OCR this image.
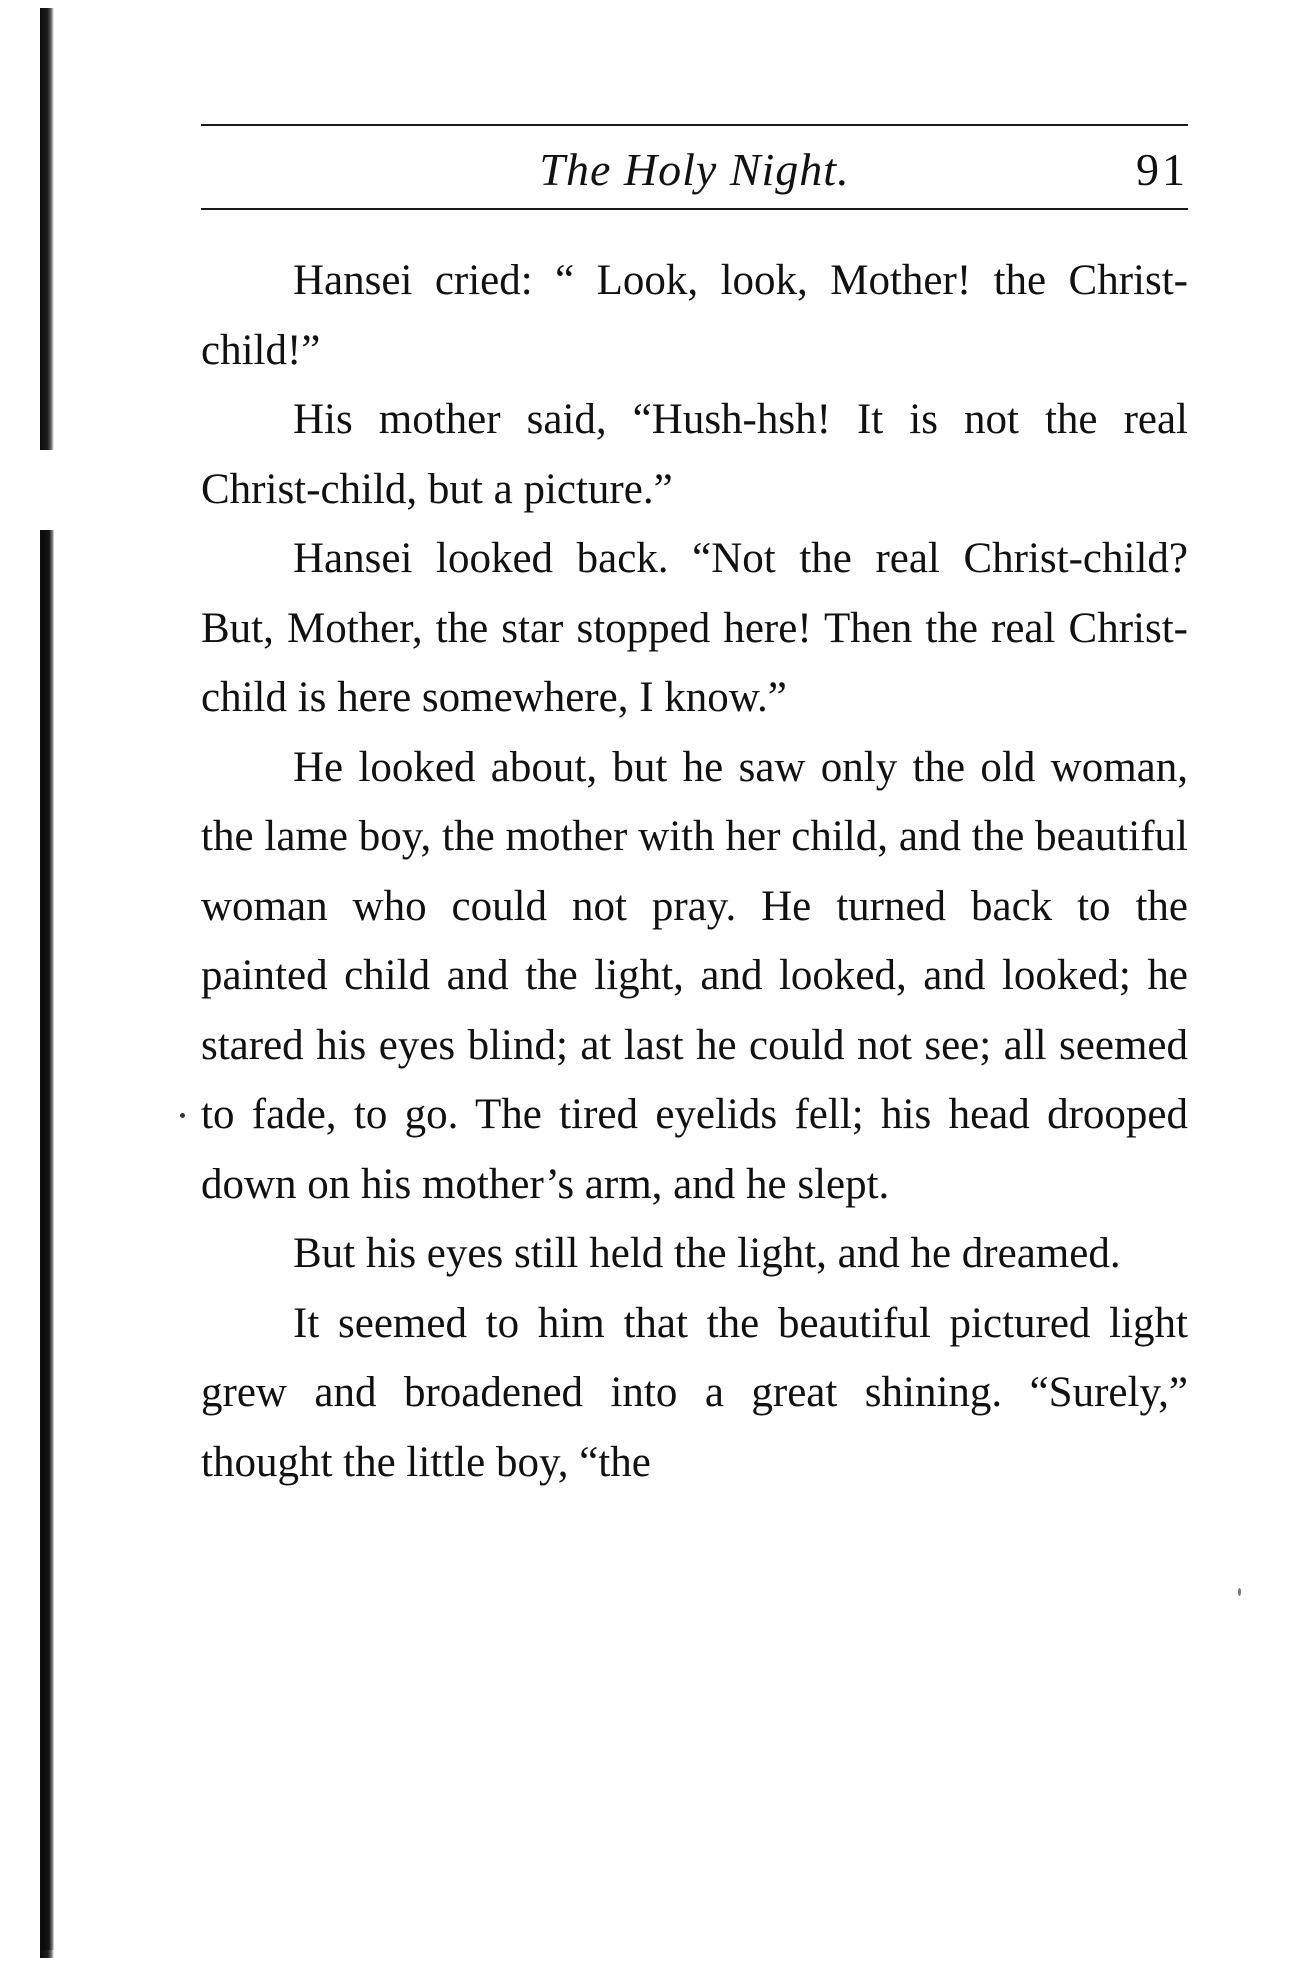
The Holy Night.	91

Hansei cried: “ Look, look, Mother! the Christ-child!”

His mother said, “Hush-hsh! It is not the real Christ-child, but a picture.”

Hansei looked back. “Not the real Christ-child? But, Mother, the star stopped here! Then the real Christ-child is here somewhere, I know.”

He looked about, but he saw only the old woman, the lame boy, the mother with her child, and the beautiful woman who could not pray. He turned back to the painted child and the light, and looked, and looked; he stared his eyes blind; at last he could not see; all seemed to fade, to go. The tired eyelids fell; his head drooped down on his mother’s arm, and he slept.

But his eyes still held the light, and he dreamed.

It seemed to him that the beautiful pictured light grew and broadened into a great shining. “Surely,” thought the little boy, “the
